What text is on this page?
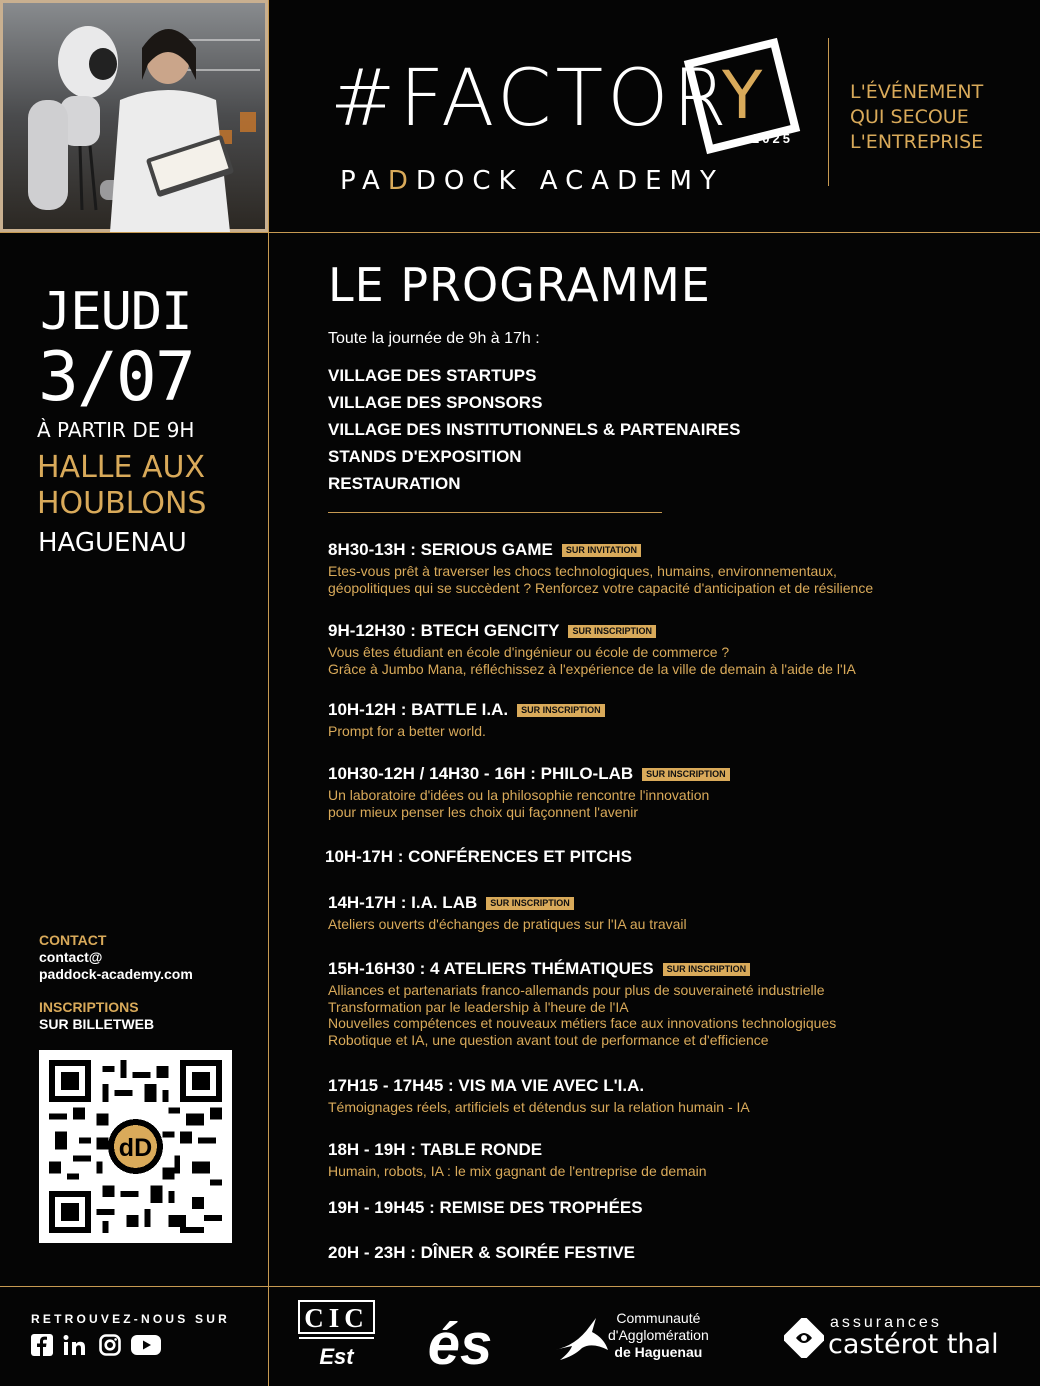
#FACTOR
Y
2025
PADDOCK ACADEMY
L'ÉVÉNEMENT
QUI SECOUE
L'ENTREPRISE
JEUDI
3/07
À PARTIR DE 9H
HALLE AUX
HOUBLONS
HAGUENAU
CONTACT
contact@
paddock-academy.com
INSCRIPTIONS
SUR BILLETWEB
dD
LE PROGRAMME
Toute la journée de 9h à 17h :
VILLAGE DES STARTUPS
VILLAGE DES SPONSORS
VILLAGE DES INSTITUTIONNELS & PARTENAIRES
STANDS D'EXPOSITION
RESTAURATION
8H30-13H : SERIOUS GAME	SUR INVITATION
Etes-vous prêt à traverser les chocs technologiques, humains, environnementaux,
géopolitiques qui se succèdent ? Renforcez votre capacité d'anticipation et de résilience
9H-12H30 : BTECH GENCITY	SUR INSCRIPTION
Vous êtes étudiant en école d'ingénieur ou école de commerce ?
Grâce à Jumbo Mana, réfléchissez à l'expérience de la ville de demain à l'aide de l'IA
10H-12H : BATTLE I.A.	SUR INSCRIPTION
Prompt for a better world.
10H30-12H / 14H30 - 16H : PHILO-LAB	SUR INSCRIPTION
Un laboratoire d'idées ou la philosophie rencontre l'innovation
pour mieux penser les choix qui façonnent l'avenir
10H-17H : CONFÉRENCES ET PITCHS
14H-17H : I.A. LAB	SUR INSCRIPTION
Ateliers ouverts d'échanges de pratiques sur l'IA au travail
15H-16H30 : 4 ATELIERS THÉMATIQUES	SUR INSCRIPTION
Alliances et partenariats franco-allemands pour plus de souveraineté industrielle
Transformation par le leadership à l'heure de l'IA
Nouvelles compétences et nouveaux métiers face aux innovations technologiques
Robotique et IA, une question avant tout de performance et d'efficience
17H15 - 17H45 : VIS MA VIE AVEC L'I.A.
Témoignages réels, artificiels et détendus sur la relation humain - IA
18H - 19H : TABLE RONDE
Humain, robots, IA : le mix gagnant de l'entreprise de demain
19H - 19H45 : REMISE DES TROPHÉES
20H - 23H : DÎNER & SOIRÉE FESTIVE
RETROUVEZ-NOUS SUR	CIC
Est és	Communauté
d'Agglomération
de Haguenau
assurances
castérot thal
